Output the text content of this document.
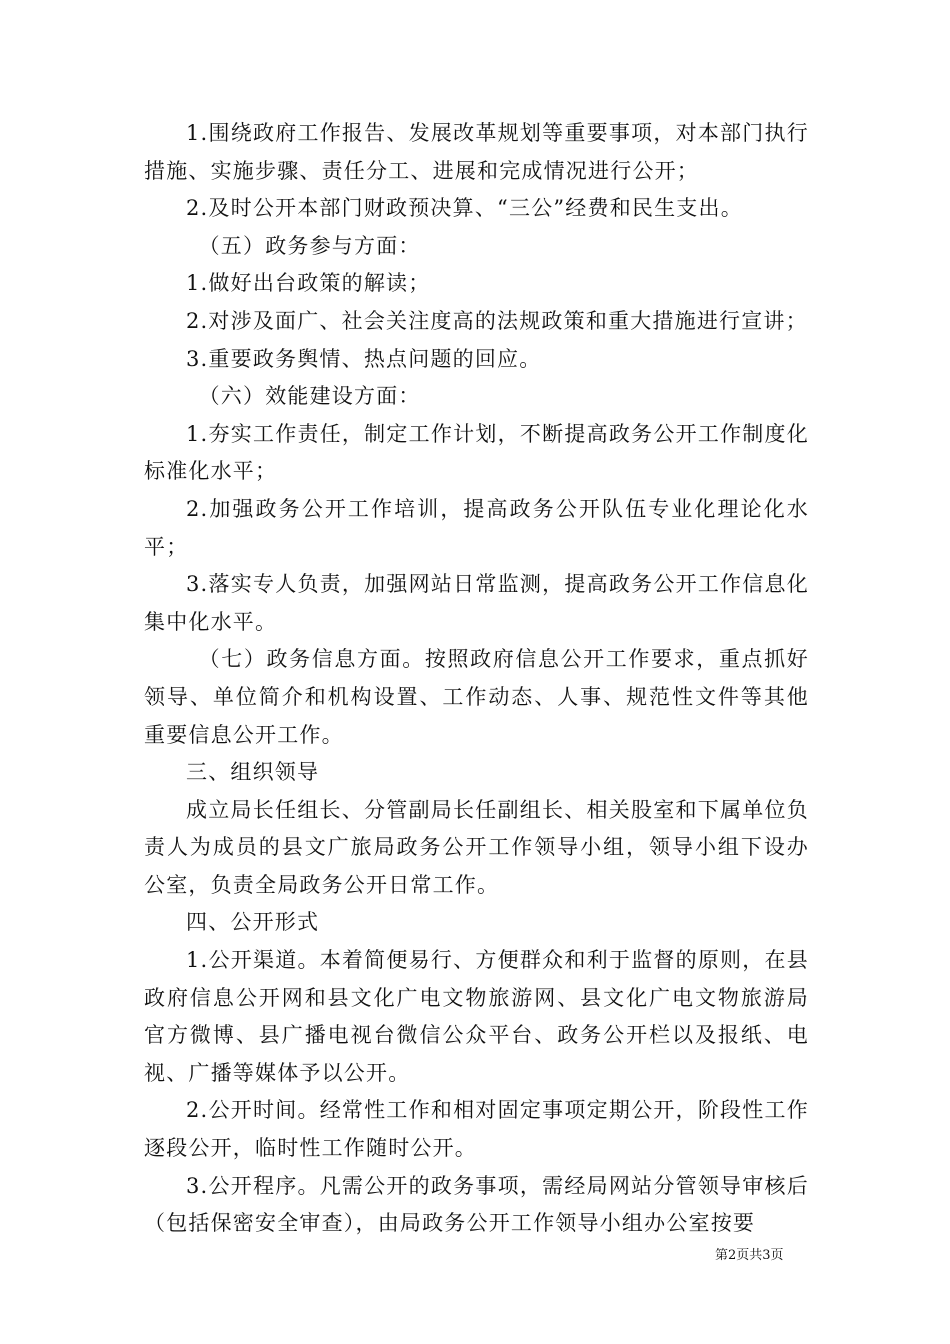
1.围绕政府工作报告、发展改革规划等重要事项，对本部门执行措施、实施步骤、责任分工、进展和完成情况进行公开；

2.及时公开本部门财政预决算、“三公”经费和民生支出。

（五）政务参与方面：

1.做好出台政策的解读；

2.对涉及面广、社会关注度高的法规政策和重大措施进行宣讲；

3.重要政务舆情、热点问题的回应。

（六）效能建设方面：

1.夯实工作责任，制定工作计划，不断提高政务公开工作制度化标准化水平；

2.加强政务公开工作培训，提高政务公开队伍专业化理论化水平；

3.落实专人负责，加强网站日常监测，提高政务公开工作信息化集中化水平。

（七）政务信息方面。按照政府信息公开工作要求，重点抓好领导、单位简介和机构设置、工作动态、人事、规范性文件等其他重要信息公开工作。

三、组织领导

成立局长任组长、分管副局长任副组长、相关股室和下属单位负责人为成员的县文广旅局政务公开工作领导小组，领导小组下设办公室，负责全局政务公开日常工作。

四、公开形式

1.公开渠道。本着简便易行、方便群众和利于监督的原则，在县政府信息公开网和县文化广电文物旅游网、县文化广电文物旅游局官方微博、县广播电视台微信公众平台、政务公开栏以及报纸、电视、广播等媒体予以公开。

2.公开时间。经常性工作和相对固定事项定期公开，阶段性工作逐段公开，临时性工作随时公开。

3.公开程序。凡需公开的政务事项，需经局网站分管领导审核后（包括保密安全审查），由局政务公开工作领导小组办公室按要

第2页共3页
